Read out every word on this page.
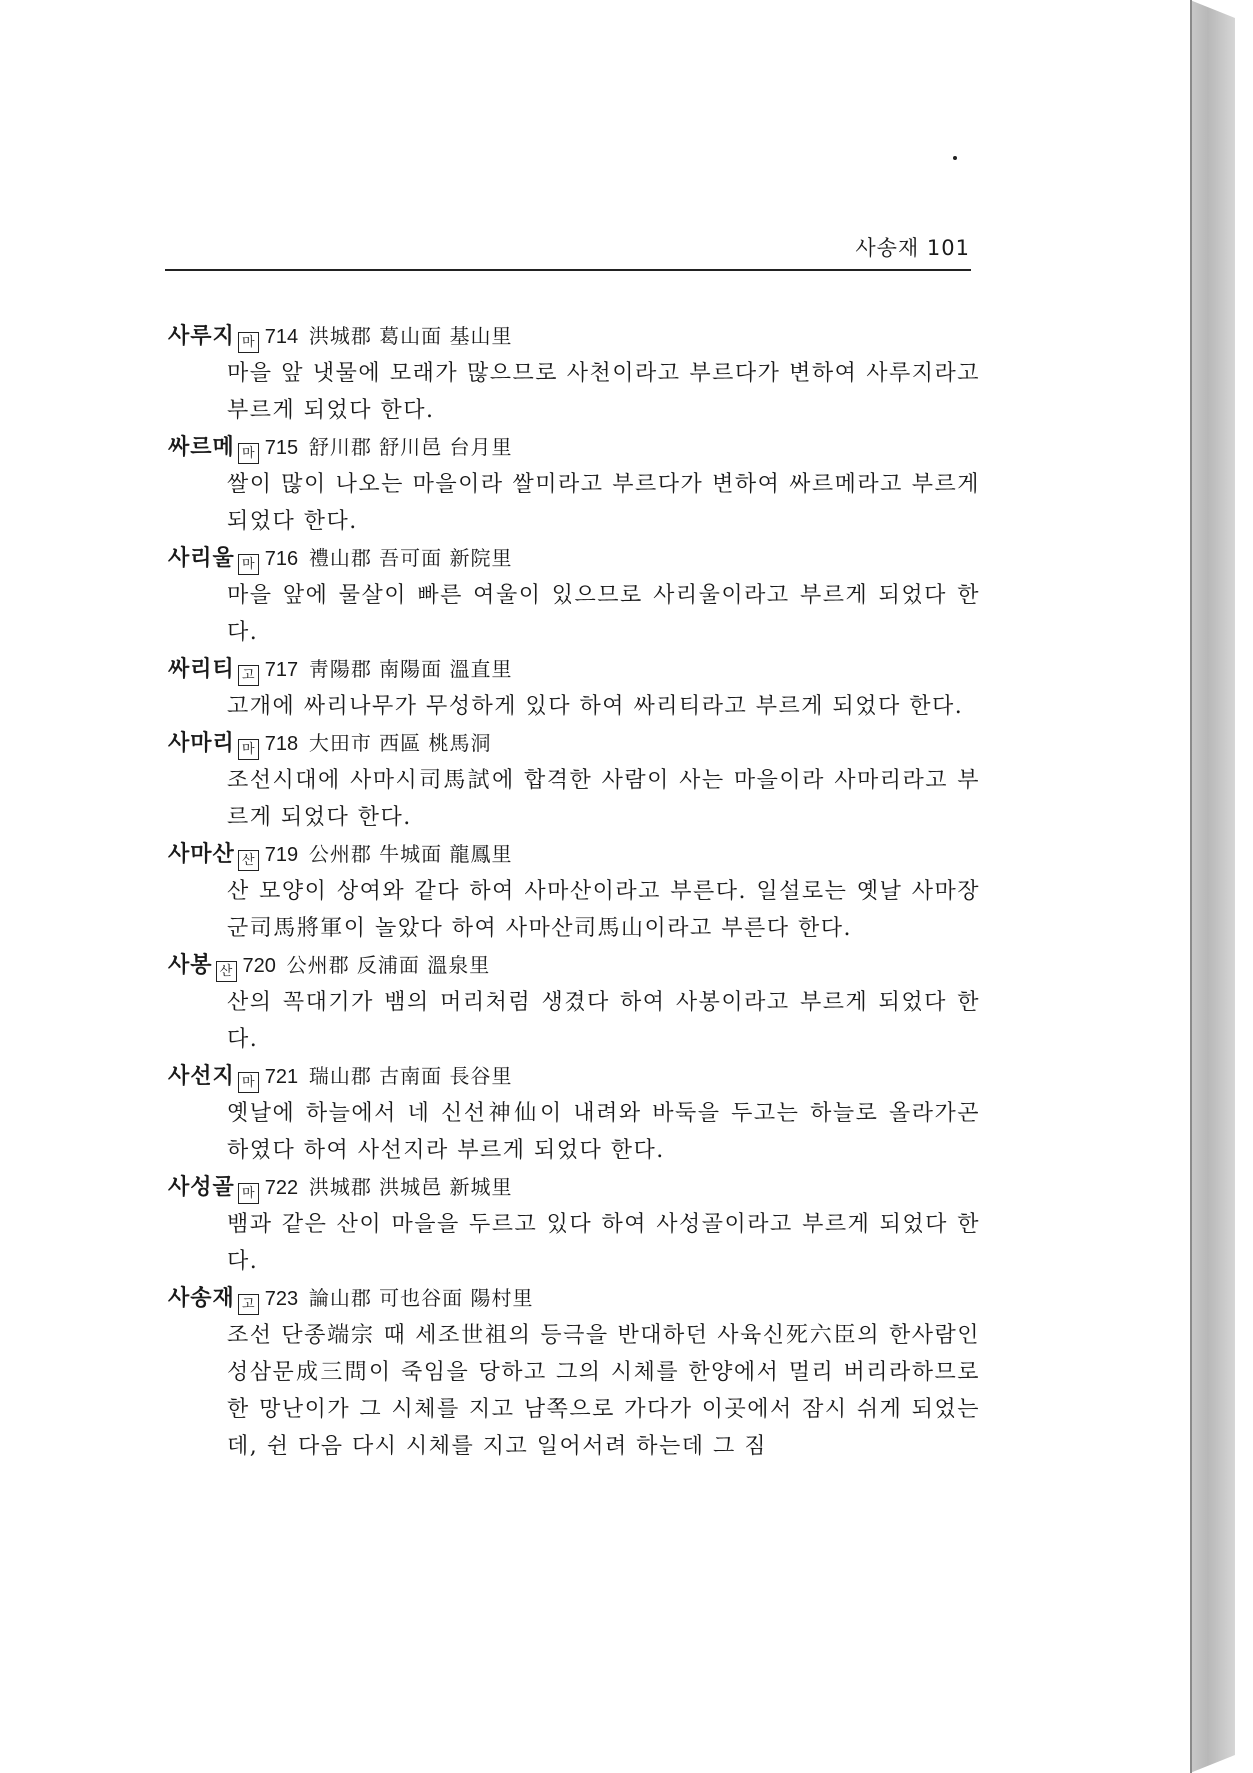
사송재 101
사루지 마 714 洪城郡 葛山面 基山里

마을 앞 냇물에 모래가 많으므로 사천이라고 부르다가 변하여 사루지라고 부르게 되었다 한다.

싸르메 마 715 舒川郡 舒川邑 台月里

쌀이 많이 나오는 마을이라 쌀미라고 부르다가 변하여 싸르메라고 부르게 되었다 한다.

사리울 마 716 禮山郡 吾可面 新院里

마을 앞에 물살이 빠른 여울이 있으므로 사리울이라고 부르게 되었다 한다.

싸리티 고 717 靑陽郡 南陽面 溫直里

고개에 싸리나무가 무성하게 있다 하여 싸리티라고 부르게 되었다 한다.

사마리 마 718 大田市 西區 桃馬洞

조선시대에 사마시司馬試에 합격한 사람이 사는 마을이라 사마리라고 부르게 되었다 한다.

사마산 산 719 公州郡 牛城面 龍鳳里

산 모양이 상여와 같다 하여 사마산이라고 부른다. 일설로는 옛날 사마장군司馬將軍이 놀았다 하여 사마산司馬山이라고 부른다 한다.

사봉 산 720 公州郡 反浦面 溫泉里

산의 꼭대기가 뱀의 머리처럼 생겼다 하여 사봉이라고 부르게 되었다 한다.

사선지 마 721 瑞山郡 古南面 長谷里

옛날에 하늘에서 네 신선神仙이 내려와 바둑을 두고는 하늘로 올라가곤 하였다 하여 사선지라 부르게 되었다 한다.

사성골 마 722 洪城郡 洪城邑 新城里

뱀과 같은 산이 마을을 두르고 있다 하여 사성골이라고 부르게 되었다 한다.

사송재 고 723 論山郡 可也谷面 陽村里

조선 단종端宗 때 세조世祖의 등극을 반대하던 사육신死六臣의 한사람인 성삼문成三問이 죽임을 당하고 그의 시체를 한양에서 멀리 버리라하므로 한 망난이가 그 시체를 지고 남쪽으로 가다가 이곳에서 잠시 쉬게 되었는데, 쉰 다음 다시 시체를 지고 일어서려 하는데 그 짐
